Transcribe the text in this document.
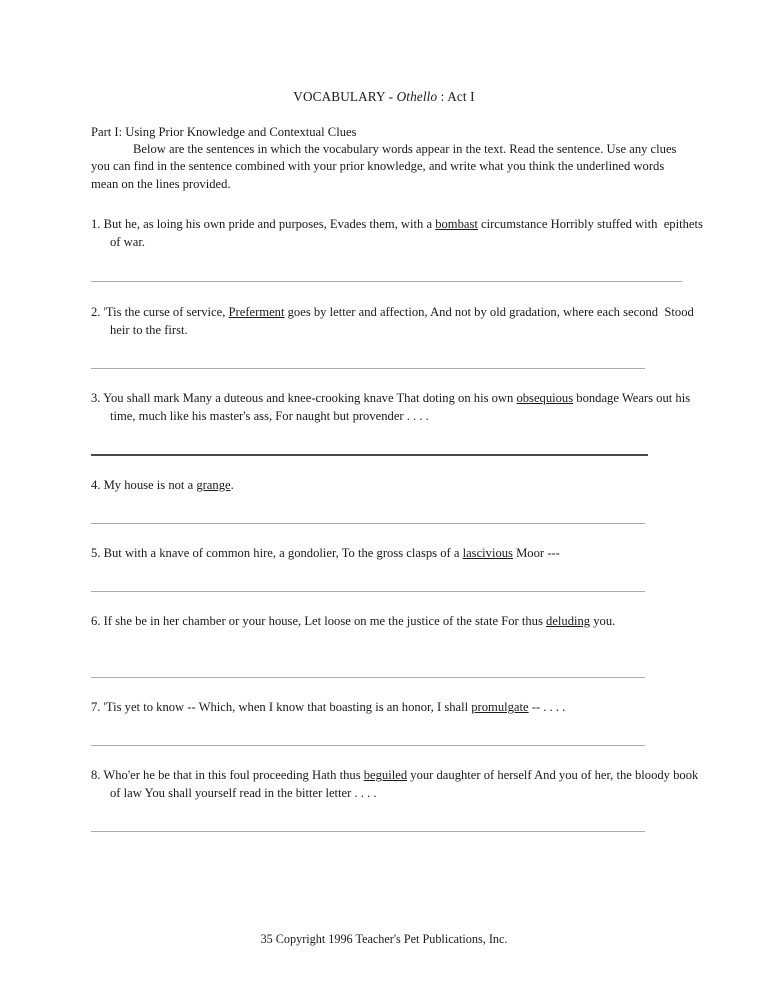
VOCABULARY - Othello : Act I

Part I: Using Prior Knowledge and Contextual Clues

Below are the sentences in which the vocabulary words appear in the text. Read the sentence. Use any clues you can find in the sentence combined with your prior knowledge, and write what you think the underlined words mean on the lines provided.

1. But he, as loing his own pride and purposes, Evades them, with a bombast circumstance Horribly stuffed with  epithets of war.
2. 'Tis the curse of service, Preferment goes by letter and affection, And not by old gradation, where each second  Stood heir to the first.
3. You shall mark Many a duteous and knee-crooking knave That doting on his own obsequious bondage Wears out his time, much like his master's ass, For naught but provender . . . .
4. My house is not a grange.
5. But with a knave of common hire, a gondolier, To the gross clasps of a lascivious Moor ---
6. If she be in her chamber or your house, Let loose on me the justice of the state For thus deluding you.
7. 'Tis yet to know -- Which, when I know that boasting is an honor, I shall promulgate -- . . . .
8. Who'er he be that in this foul proceeding Hath thus beguiled your daughter of herself And you of her, the bloody book of law You shall yourself read in the bitter letter . . . .
35 Copyright 1996 Teacher's Pet Publications, Inc.
